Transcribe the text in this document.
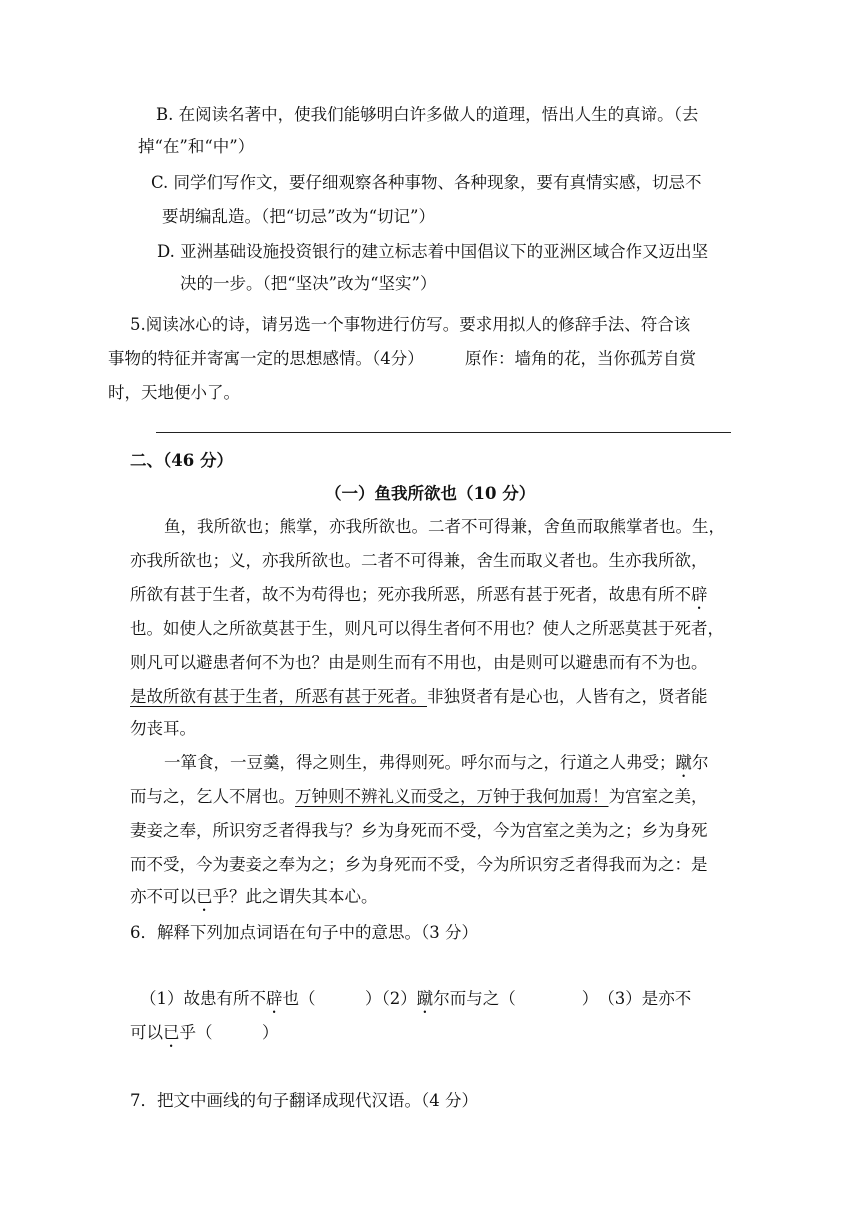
B. 在阅读名著中，使我们能够明白许多做人的道理，悟出人生的真谛。（去
掉“在”和“中”）
C. 同学们写作文，要仔细观察各种事物、各种现象，要有真情实感，切忌不
要胡编乱造。（把“切忌”改为“切记”）
D. 亚洲基础设施投资银行的建立标志着中国倡议下的亚洲区域合作又迈出坚
决的一步。（把“坚决”改为“坚实”）
5.阅读冰心的诗，请另选一个事物进行仿写。要求用拟人的修辞手法、符合该
事物的特征并寄寓一定的思想感情。（4分）　　　原作：墙角的花，当你孤芳自赏
时，天地便小了。
二、（46 分）
（一）鱼我所欲也（10 分）
鱼，我所欲也；熊掌，亦我所欲也。二者不可得兼，舍鱼而取熊掌者也。生，
亦我所欲也；义，亦我所欲也。二者不可得兼，舍生而取义者也。生亦我所欲，
所欲有甚于生者，故不为苟得也；死亦我所恶，所恶有甚于死者，故患有所不辟
也。如使人之所欲莫甚于生，则凡可以得生者何不用也？使人之所恶莫甚于死者，
则凡可以避患者何不为也？由是则生而有不用也，由是则可以避患而有不为也。
是故所欲有甚于生者，所恶有甚于死者。非独贤者有是心也，人皆有之，贤者能
勿丧耳。
一箪食，一豆羹，得之则生，弗得则死。呼尔而与之，行道之人弗受；蹴尔
而与之，乞人不屑也。万钟则不辨礼义而受之，万钟于我何加焉！为宫室之美，
妻妾之奉，所识穷乏者得我与？乡为身死而不受，今为宫室之美为之；乡为身死
而不受，今为妻妾之奉为之；乡为身死而不受，今为所识穷乏者得我而为之：是
亦不可以已乎？此之谓失其本心。
6．解释下列加点词语在句子中的意思。（3 分）
（1）故患有所不辟也（　　　）（2）蹴尔而与之（　　　　）　（3）是亦不
可以已乎（　　　）
7．把文中画线的句子翻译成现代汉语。（4 分）
